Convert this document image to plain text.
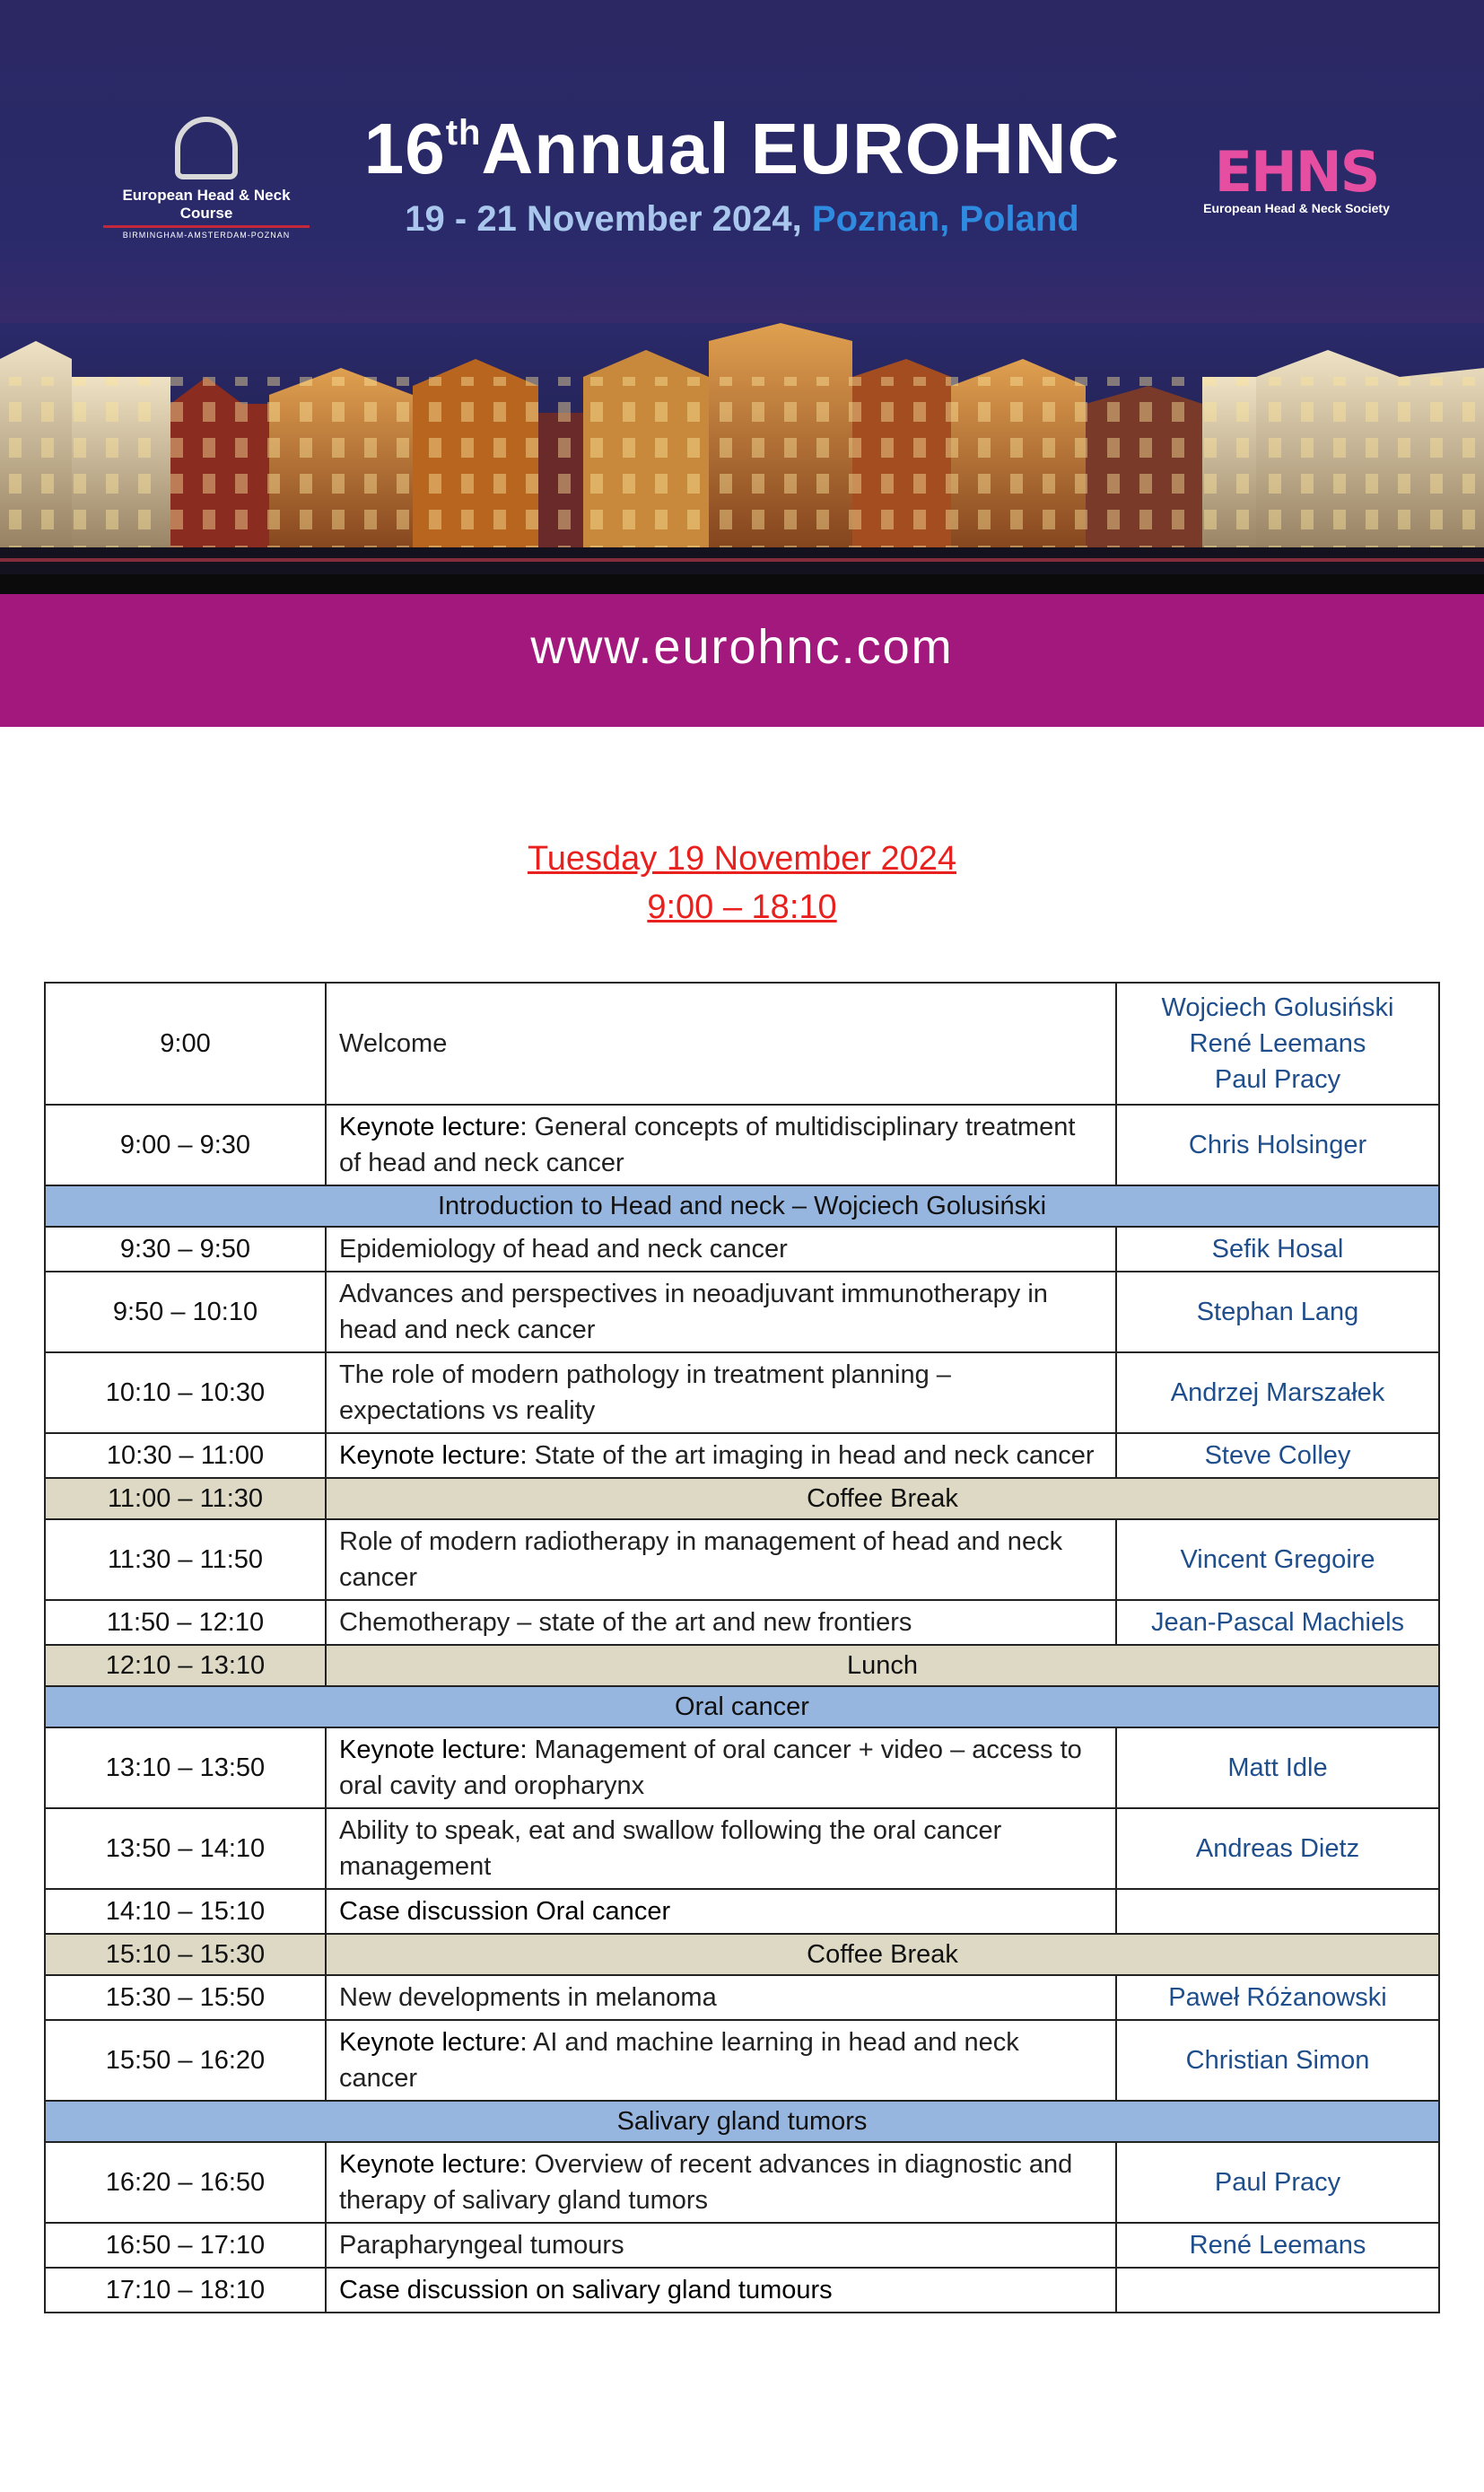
European Head & Neck Course
BIRMINGHAM-AMSTERDAM-POZNAN
16thAnnual EUROHNC
19 - 21 November 2024, Poznan, Poland
EHNS
European Head & Neck Society
www.eurohnc.com
Tuesday 19 November 2024
9:00 – 18:10
9:00	Welcome	Wojciech Golusiński
René Leemans
Paul Pracy

9:00 – 9:30	Keynote lecture: General concepts of multidisciplinary treatment of head and neck cancer	Chris Holsinger

Introduction to Head and neck – Wojciech Golusiński		
9:30 – 9:50	Epidemiology of head and neck cancer	Sefik Hosal

9:50 – 10:10	Advances and perspectives in neoadjuvant immunotherapy in head and neck cancer	Stephan Lang

10:10 – 10:30	The role of modern pathology in treatment planning – expectations vs reality	Andrzej Marszałek

10:30 – 11:00	Keynote lecture: State of the art imaging in head and neck cancer	Steve Colley

11:00 – 11:30	Coffee Break	
11:30 – 11:50	Role of modern radiotherapy in management of head and neck cancer	Vincent Gregoire

11:50 – 12:10	Chemotherapy – state of the art and new frontiers	Jean-Pascal Machiels

12:10 – 13:10	Lunch	
Oral cancer		
13:10 – 13:50	Keynote lecture: Management of oral cancer + video – access to oral cavity and oropharynx	Matt Idle

13:50 – 14:10	Ability to speak, eat and swallow following the oral cancer management	Andreas Dietz

14:10 – 15:10	Case discussion Oral cancer	
15:10 – 15:30	Coffee Break	
15:30 – 15:50	New developments in melanoma	Paweł Różanowski

15:50 – 16:20	Keynote lecture: AI and machine learning in head and neck cancer	Christian Simon

Salivary gland tumors		
16:20 – 16:50	Keynote lecture: Overview of recent advances in diagnostic and therapy of salivary gland tumors	Paul Pracy

16:50 – 17:10	Parapharyngeal tumours	René Leemans

17:10 – 18:10	Case discussion on salivary gland tumours	
